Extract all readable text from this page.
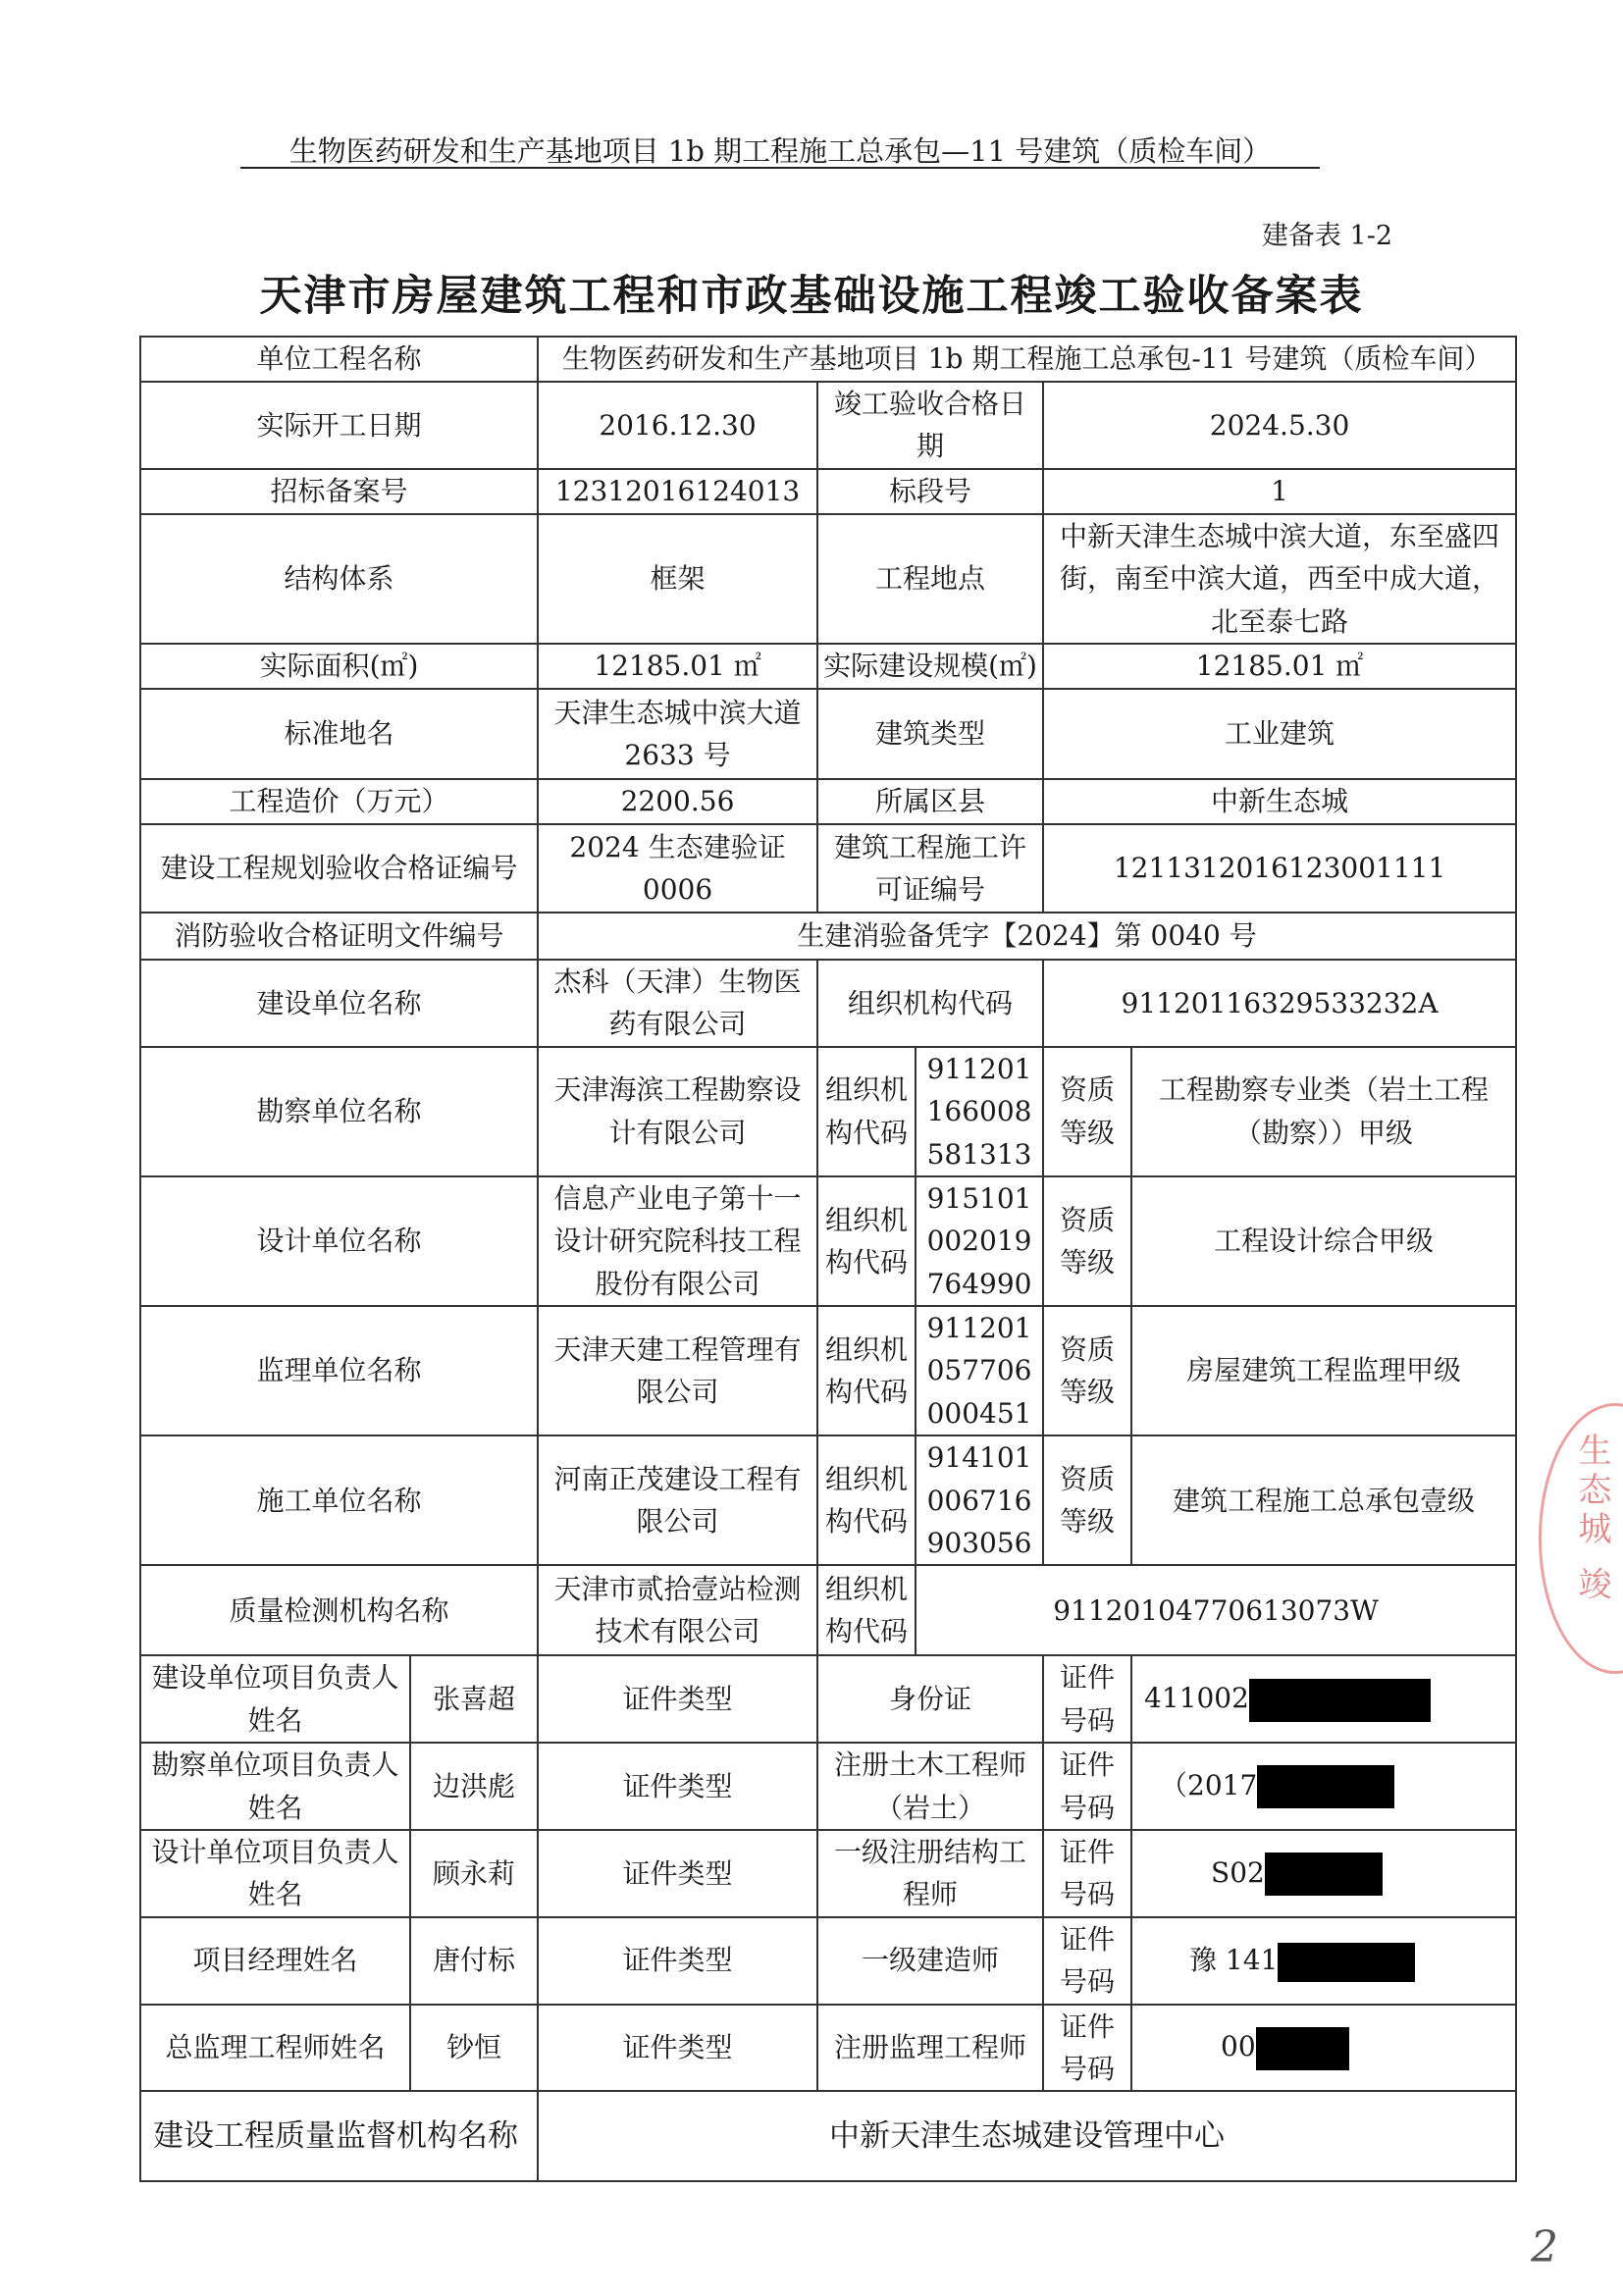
生物医药研发和生产基地项目 1b 期工程施工总承包—11 号建筑（质检车间）
建备表 1-2
天津市房屋建筑工程和市政基础设施工程竣工验收备案表
单位工程名称		生物医药研发和生产基地项目 1b 期工程施工总承包-11 号建筑（质检车间）				
实际开工日期		2016.12.30	竣工验收合格日期		2024.5.30	
招标备案号		12312016124013	标段号		1	
结构体系		框架	工程地点		中新天津生态城中滨大道，东至盛四街，南至中滨大道，西至中成大道，北至泰七路	
实际面积(㎡)		12185.01 ㎡	实际建设规模(㎡)		12185.01 ㎡	
标准地名		天津生态城中滨大道 2633 号	建筑类型		工业建筑	
工程造价（万元）		2200.56	所属区县		中新生态城	
建设工程规划验收合格证编号		2024 生态建验证 0006	建筑工程施工许可证编号		1211312016123001111	
消防验收合格证明文件编号		生建消验备凭字【2024】第 0040 号				
建设单位名称		杰科（天津）生物医药有限公司	组织机构代码		91120116329533232A	
勘察单位名称		天津海滨工程勘察设计有限公司	组织机构代码	911201166008581313	资质等级	工程勘察专业类（岩土工程（勘察））甲级
设计单位名称		信息产业电子第十一设计研究院科技工程股份有限公司	组织机构代码	915101002019764990	资质等级	工程设计综合甲级
监理单位名称		天津天建工程管理有限公司	组织机构代码	911201057706000451	资质等级	房屋建筑工程监理甲级
施工单位名称		河南正茂建设工程有限公司	组织机构代码	914101006716903056	资质等级	建筑工程施工总承包壹级
质量检测机构名称		天津市贰拾壹站检测技术有限公司	组织机构代码	91120104770613073W		
建设单位项目负责人姓名	张喜超	证件类型	身份证		证件号码	411002
勘察单位项目负责人姓名	边洪彪	证件类型	注册土木工程师（岩土）		证件号码	（2017
设计单位项目负责人姓名	顾永莉	证件类型	一级注册结构工程师		证件号码	S02
项目经理姓名	唐付标	证件类型	一级建造师		证件号码	豫 141
总监理工程师姓名	钞恒	证件类型	注册监理工程师		证件号码	00
建设工程质量监督机构名称		中新天津生态城建设管理中心				
生态城 竣
2
